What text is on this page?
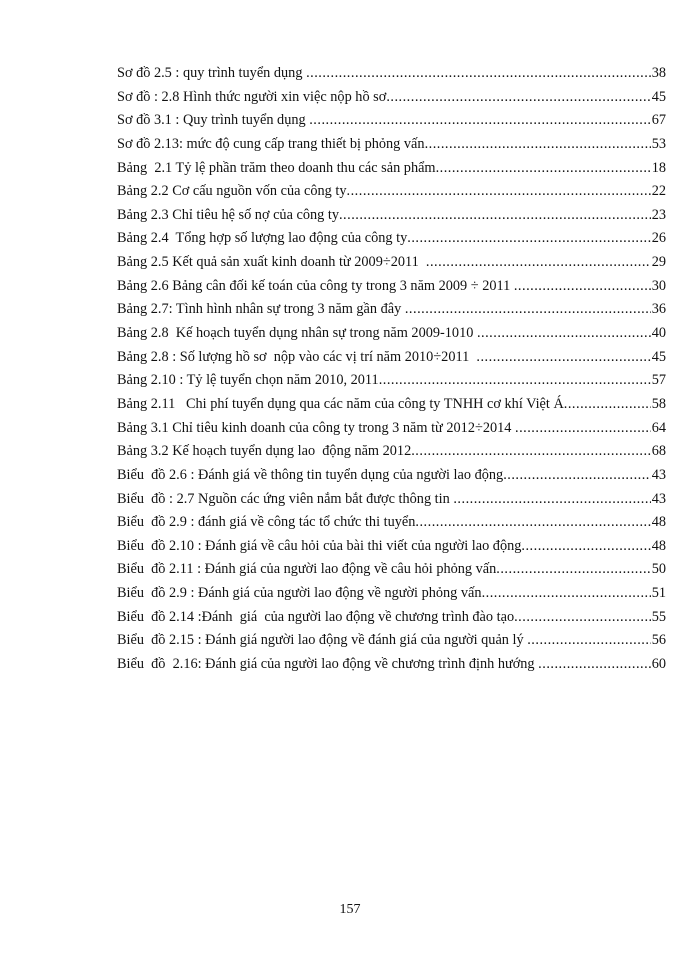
Sơ đồ 2.5 : quy trình tuyển dụng .....	38
Sơ đồ : 2.8 Hình thức người xin việc nộp hồ sơ .....	45
Sơ đồ 3.1 : Quy trình tuyển dụng .....	67
Sơ đồ 2.13: mức độ cung cấp trang thiết bị phỏng vấn .....	53
Bảng  2.1 Tỷ lệ phần trăm theo doanh thu các sản phẩm .....	18
Bảng 2.2 Cơ cấu nguồn vốn của công ty .....	22
Bảng 2.3 Chỉ tiêu hệ số nợ của công ty .....	23
Bảng 2.4  Tổng hợp số lượng lao động của công ty .....	26
Bảng 2.5 Kết quả sản xuất kinh doanh từ 2009÷2011 .....	29
Bảng 2.6 Bảng cân đối kế toán của công ty trong 3 năm 2009 ÷ 2011 .....	30
Bảng 2.7: Tình hình nhân sự trong 3 năm gần đây .....	36
Bảng 2.8  Kế hoạch tuyển dụng nhân sự trong năm 2009-1010 .....	40
Bảng 2.8 : Số lượng hồ sơ  nộp vào các vị trí năm 2010÷2011 .....	45
Bảng 2.10 : Tỷ lệ tuyển chọn năm 2010, 2011 .....	57
Bảng 2.11   Chi phí tuyển dụng qua các năm của công ty TNHH cơ khí Việt Á .....	58
Bảng 3.1 Chỉ tiêu kinh doanh của công ty trong 3 năm từ 2012÷2014 .....	64
Bảng 3.2 Kế hoạch tuyển dụng lao  động năm 2012 .....	68
Biểu  đồ 2.6 : Đánh giá về thông tin tuyển dụng của người lao động .....	43
Biểu  đồ : 2.7 Nguồn các ứng viên nắm bắt được thông tin .....	43
Biểu  đồ 2.9 : đánh giá về công tác tổ chức thi tuyển .....	48
Biểu  đồ 2.10 : Đánh giá về câu hỏi của bài thi viết của người lao động .....	48
Biểu  đồ 2.11 : Đánh giá của người lao động về câu hỏi phỏng vấn .....	50
Biểu  đồ 2.9 : Đánh giá của người lao động về người phỏng vấn .....	51
Biểu  đồ 2.14 :Đánh  giá  của người lao động về chương trình đào tạo .....	55
Biểu  đồ 2.15 : Đánh giá người lao động về đánh giá của người quản lý .....	56
Biểu  đồ  2.16: Đánh giá của người lao động về chương trình định hướng .....	60
157
